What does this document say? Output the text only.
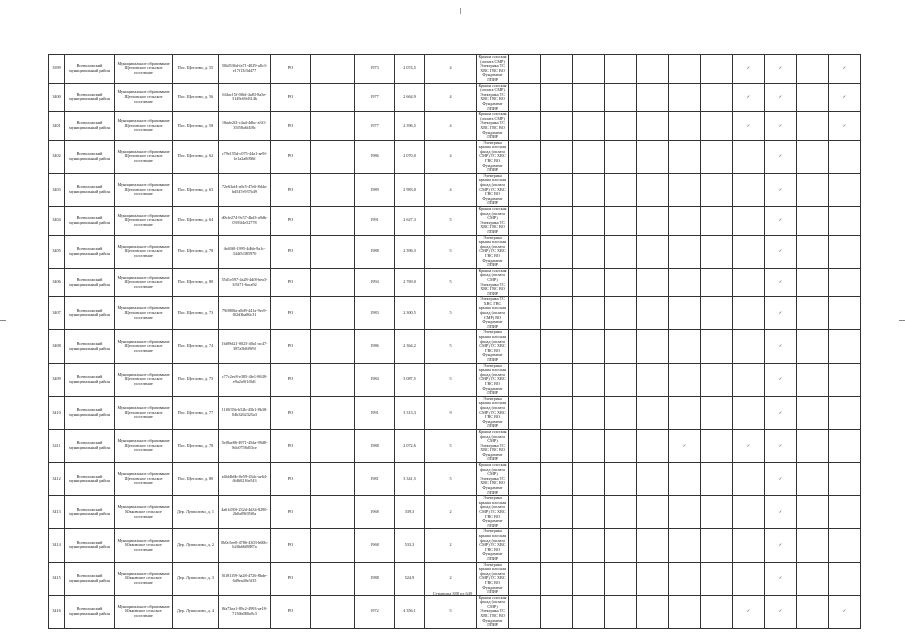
3399	Всеволожский муниципальный район	Муниципальное образование Щегловское сельское поселение	Пос. Щеглово, д. 55	50fd536d-fa71-4029-a8c3-e17f13f3d477	PO		1973	2 074,5	4	Крыша плоская (оплата СМР) Электрика ТС ХВС ГВС ВО Фундамент ЛПИР								✓	✓		✓		
3400	Всеволожский муниципальный район	Муниципальное образование Щегловское сельское поселение	Пос. Щеглово, д. 56	6f4ac15f-0f6d-4a83-8a5e-3149c69d314b	PO		1977	2 664,9	4	Крыша плоская (оплата СМР) Электрика ТС ХВС ГВС ВО Фундамент ЛПИР								✓	✓		✓		
3401	Всеволожский муниципальный район	Муниципальное образование Щегловское сельское поселение	Пос. Щеглово, д. 58	0bafe2f3-c4ad-4dbc-a3f1-35f58a6f4f8c	PO		1977	2 396,5	4	Крыша плоская (оплата СМР) Электрика ТС ХВС ГВС ВО Фундамент ЛПИР								✓	✓		✓		
3402	Всеволожский муниципальный район	Муниципальное образование Щегловское сельское поселение	Пос. Щеглово, д. 62	c79e155d-c075-44a1-ae9f-1e1a2a0f8f6f	PO		1986	2 070,0	4	Электрика крыша плоская фасад (оплата СМР) ТС ХВС ГВС ВО Фундамент ЛПИР									✓				
3403	Всеволожский муниципальный район	Муниципальное образование Щегловское сельское поселение	Пос. Щеглово, д. 63	72e63af4-a0c5-47e6-8d4a-bd547e937b49	PO		1989	2 983,0	4	Электрика крыша плоская фасад (оплата СМР) ТС ХВС ГВС ВО Фундамент ЛПИР									✓				
3404	Всеволожский муниципальный район	Муниципальное образование Щегловское сельское поселение	Пос. Щеглово, д. 64	d0cfe274-9c57-4bd3-a9db-0393f4e52778	PO		1991	2 627,3	5	Крыша плоская фасад (оплата СМР) Электрика ТС ХВС ГВС ВО ЛПИР									✓				
3405	Всеволожский муниципальный район	Муниципальное образование Щегловское сельское поселение	Пос. Щеглово, д. 78	4e40f0-1995-4dbb-9a1c-344f5f385970	PO		1988	2 396,3	5	Электрика крыша плоская фасад (оплата СМР) ТС ХВС ГВС ВО Фундамент ЛПИР									✓				
3406	Всеволожский муниципальный район	Муниципальное образование Щегловское сельское поселение	Пос. Щеглово, д. 80	55d1e597-4a28-4df8-bea3-3f5f71-6aca92	PO		1994	2 769,0	5	Крыша плоская фасад (оплата СМР) Электрика ТС ХВС ГВС ВО ЛПИР									✓				
3407	Всеволожский муниципальный район	Муниципальное образование Щегловское сельское поселение	Пос. Щеглово, д. 73	79f880fa-a8d9-441a-9ec9-f02d3ba86c31	PO		1983	2 300,5	5	Электрика ТС ХВС ГВС крыша плоская фасад (оплата СМР) ВО Фундамент ЛПИР									✓				
3408	Всеволожский муниципальный район	Муниципальное образование Щегловское сельское поселение	Пос. Щеглово, д. 74	1bf09d21-0025-40a1-ac47-387a5b8f9f9f	PO		1986	2 364,2	5	Электрика крыша плоская фасад (оплата СМР) ТС ХВС ГВС ВО Фундамент ЛПИР									✓				
3409	Всеволожский муниципальный район	Муниципальное образование Щегловское сельское поселение	Пос. Щеглово, д. 75	c77c2ec8-e385-4fe1-8638-e9a2a9f1f0d1	PO		1984	3 087,5	5	Электрика крыша плоская фасад (оплата СМР) ТС ХВС ГВС ВО Фундамент ЛПИР									✓				
3410	Всеволожский муниципальный район	Муниципальное образование Щегловское сельское поселение	Пос. Щеглово, д. 77	11f0f35b-b52b-45b1-8b38-04b3262325a3	PO		1991	3 313,3	9	Электрика крыша плоская фасад (оплата СМР) ТС ХВС ГВС ВО Фундамент ЛПИР									✓				
3411	Всеволожский муниципальный район	Муниципальное образование Щегловское сельское поселение	Пос. Щеглово, д. 78	5ef8ae86-4971-45da-99d8-8dc0758d53ce	PO		1988	2 072,6	5	Крыша плоская фасад (оплата СМР) Электрика ТС ХВС ГВС ВО Фундамент ЛПИР						✓		✓	✓				
3412	Всеволожский муниципальный район	Муниципальное образование Щегловское сельское поселение	Пос. Щеглово, д. 80	e4bf4b6b-0e59-43dc-ae64-f6460216e543	PO		1981	3 341,5	5	Крыша плоская фасад (оплата СМР) Электрика ТС ХВС ГВС ВО Фундамент ЛПИР									✓				
3413	Всеволожский муниципальный район	Муниципальное образование Юкковское сельское поселение	Дер. Лупполово, д. 1	4a61d39f-232d-4d34-8290-2b0a09f05f0a	PO		1968	339,3	2	Электрика крыша плоская фасад (оплата СМР) ТС ХВС ГВС ВО Фундамент ЛПИР									✓				
3414	Всеволожский муниципальный район	Муниципальное образование Юкковское сельское поселение	Дер. Лупполово, д. 2	0b0c5ee0-4786-4303-b60b-b26b66f8887a	PO		1968	533,3	2	Электрика крыша плоская фасад (оплата СМР) ТС ХВС ГВС ВО Фундамент ЛПИР									✓				
3415	Всеволожский муниципальный район	Муниципальное образование Юкковское сельское поселение	Дер. Лупполово, д. 3	01f81f59-3a28-4726-8bde-6d9ea40e3f35	PO		1988	524,9	2	Электрика крыша плоская фасад (оплата СМР) ТС ХВС ГВС ВО Фундамент ЛПИР									✓				
3416	Всеволожский муниципальный район	Муниципальное образование Юкковское сельское поселение	Дер. Лупполово, д. 4	8fa73ea1-89c2-4993-ae18-7136b080a9c3	PO		1972	4 356,1	5	Крыша плоская фасад (оплата СМР) Электрика ТС ХВС ГВС ВО Фундамент ЛПИР								✓	✓		✓		
Страница 388 из 649
